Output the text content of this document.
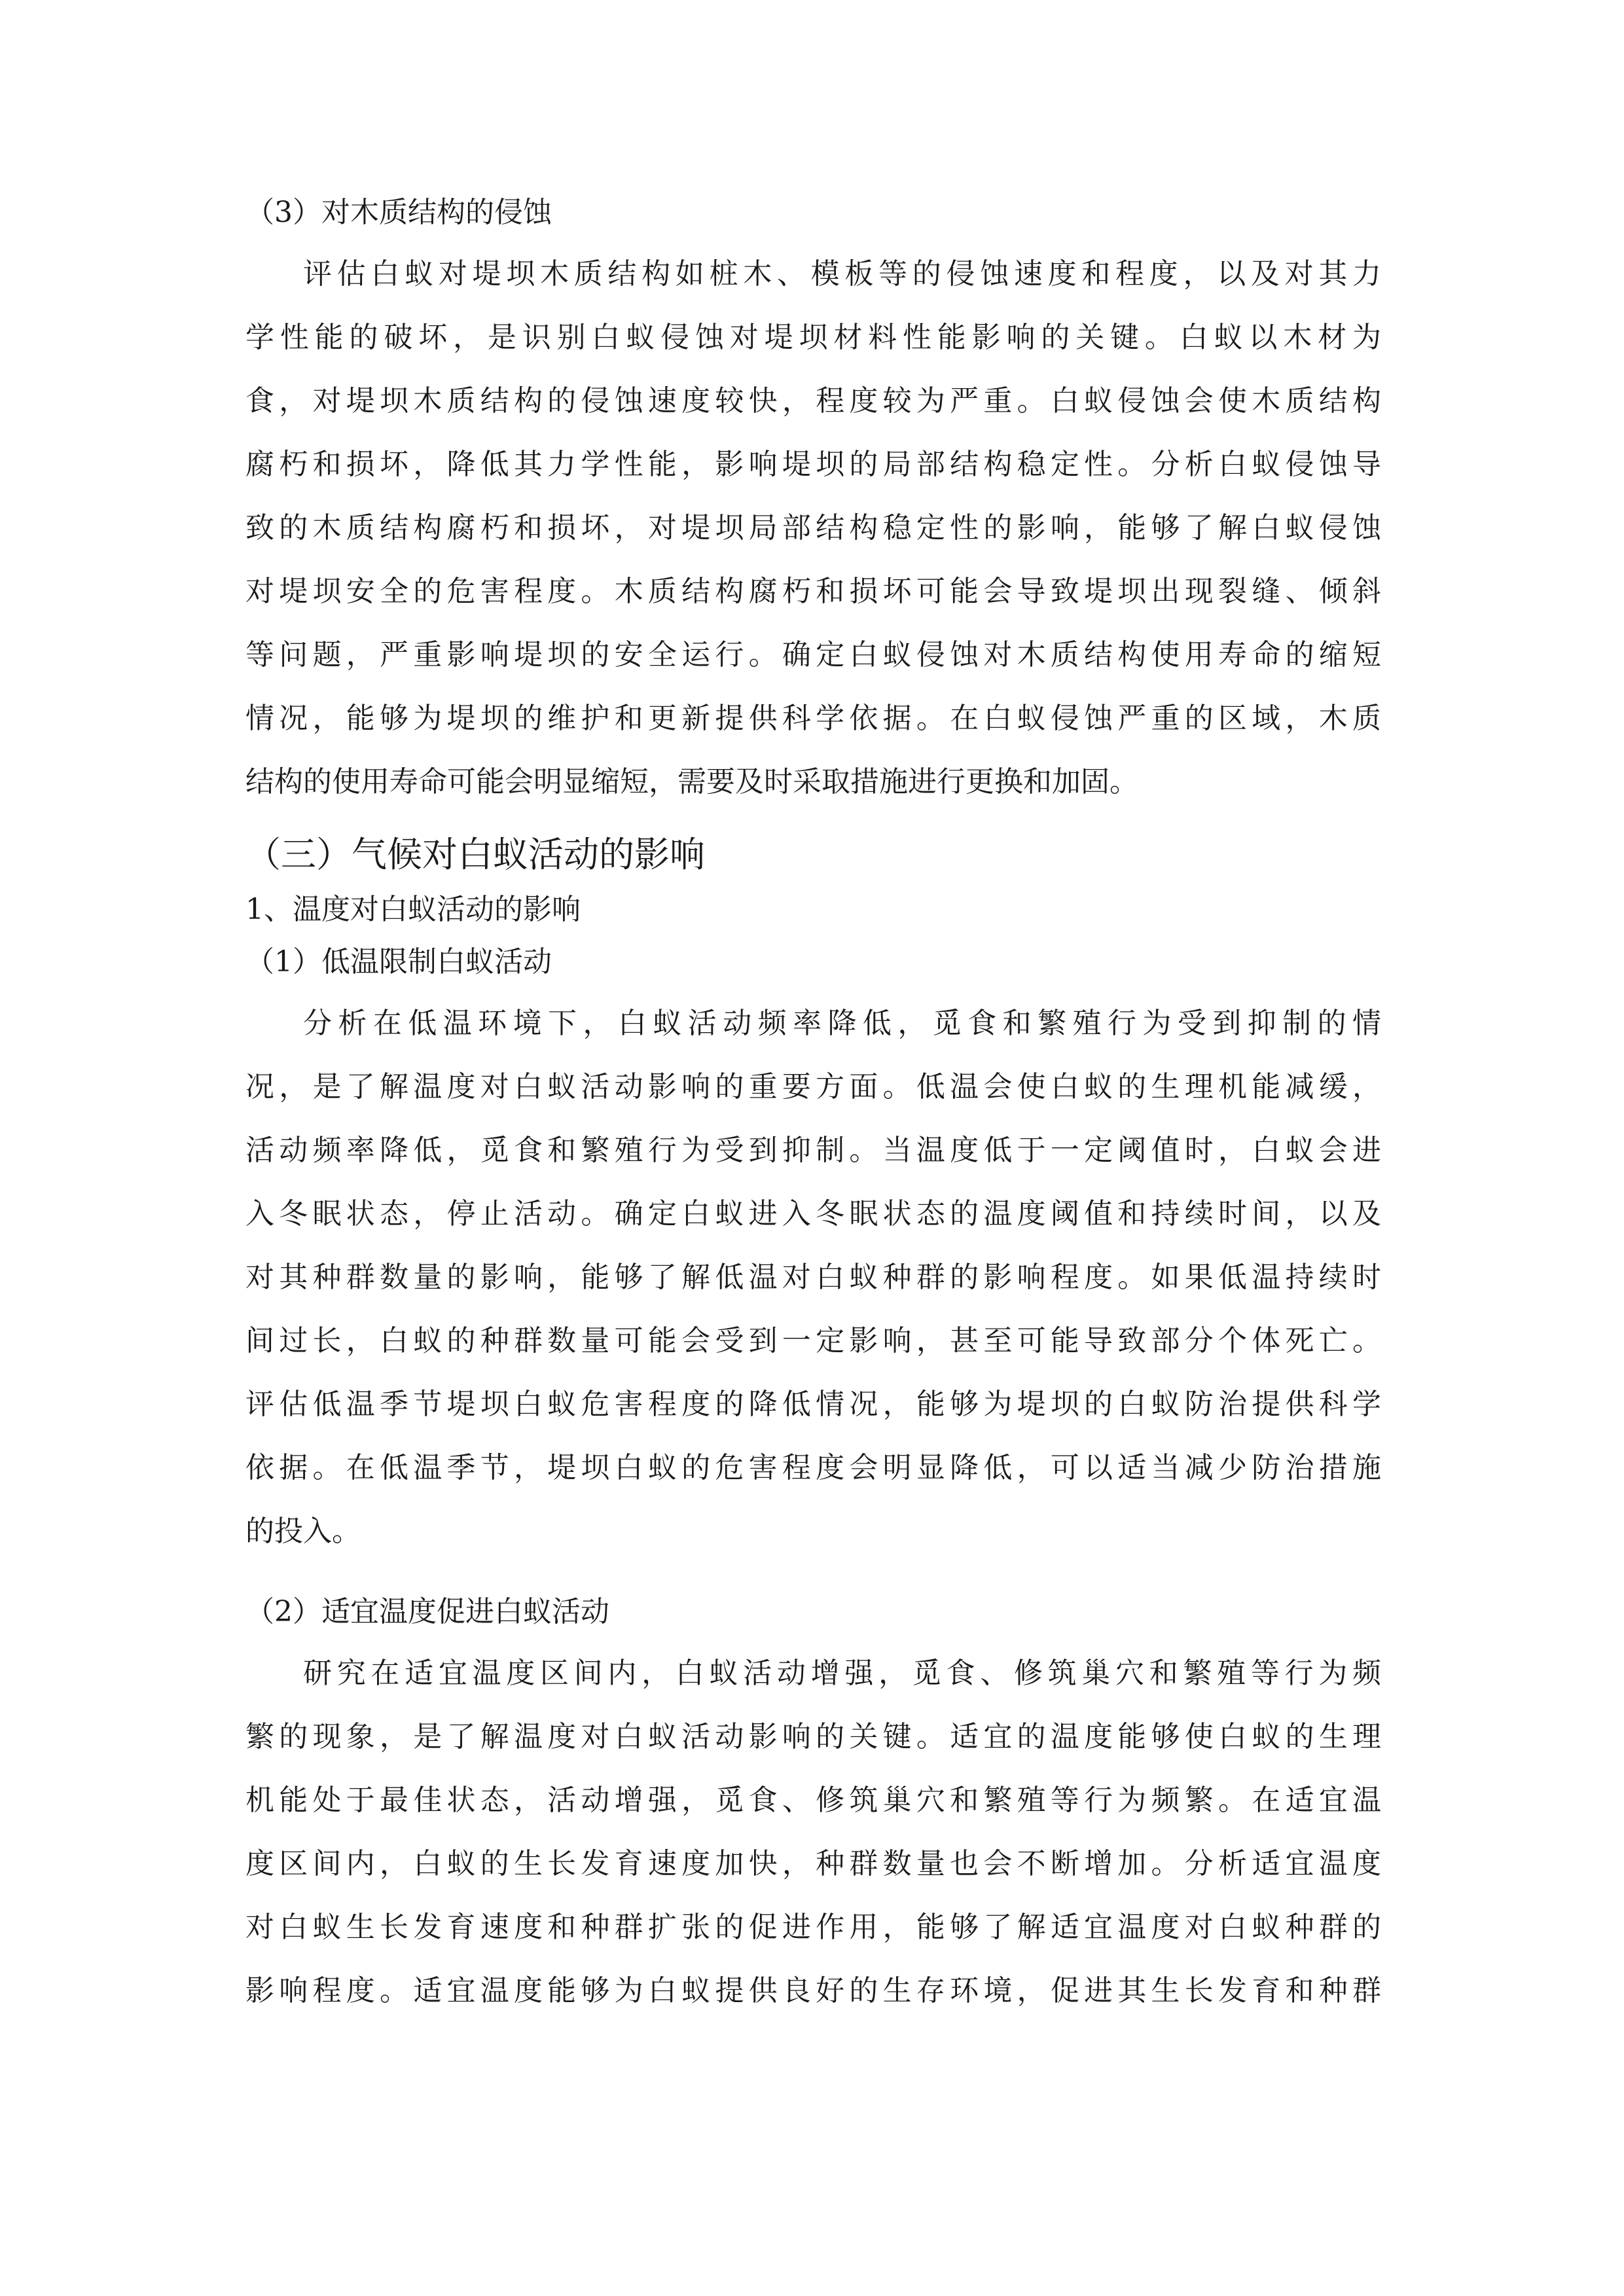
（3）对木质结构的侵蚀
评估白蚁对堤坝木质结构如桩木、模板等的侵蚀速度和程度，以及对其力
学性能的破坏，是识别白蚁侵蚀对堤坝材料性能影响的关键。白蚁以木材为
食，对堤坝木质结构的侵蚀速度较快，程度较为严重。白蚁侵蚀会使木质结构
腐朽和损坏，降低其力学性能，影响堤坝的局部结构稳定性。分析白蚁侵蚀导
致的木质结构腐朽和损坏，对堤坝局部结构稳定性的影响，能够了解白蚁侵蚀
对堤坝安全的危害程度。木质结构腐朽和损坏可能会导致堤坝出现裂缝、倾斜
等问题，严重影响堤坝的安全运行。确定白蚁侵蚀对木质结构使用寿命的缩短
情况，能够为堤坝的维护和更新提供科学依据。在白蚁侵蚀严重的区域，木质
结构的使用寿命可能会明显缩短，需要及时采取措施进行更换和加固。
（三）气候对白蚁活动的影响
1、温度对白蚁活动的影响
（1）低温限制白蚁活动
分析在低温环境下，白蚁活动频率降低，觅食和繁殖行为受到抑制的情
况，是了解温度对白蚁活动影响的重要方面。低温会使白蚁的生理机能减缓，
活动频率降低，觅食和繁殖行为受到抑制。当温度低于一定阈值时，白蚁会进
入冬眠状态，停止活动。确定白蚁进入冬眠状态的温度阈值和持续时间，以及
对其种群数量的影响，能够了解低温对白蚁种群的影响程度。如果低温持续时
间过长，白蚁的种群数量可能会受到一定影响，甚至可能导致部分个体死亡。
评估低温季节堤坝白蚁危害程度的降低情况，能够为堤坝的白蚁防治提供科学
依据。在低温季节，堤坝白蚁的危害程度会明显降低，可以适当减少防治措施
的投入。
（2）适宜温度促进白蚁活动
研究在适宜温度区间内，白蚁活动增强，觅食、修筑巢穴和繁殖等行为频
繁的现象，是了解温度对白蚁活动影响的关键。适宜的温度能够使白蚁的生理
机能处于最佳状态，活动增强，觅食、修筑巢穴和繁殖等行为频繁。在适宜温
度区间内，白蚁的生长发育速度加快，种群数量也会不断增加。分析适宜温度
对白蚁生长发育速度和种群扩张的促进作用，能够了解适宜温度对白蚁种群的
影响程度。适宜温度能够为白蚁提供良好的生存环境，促进其生长发育和种群
